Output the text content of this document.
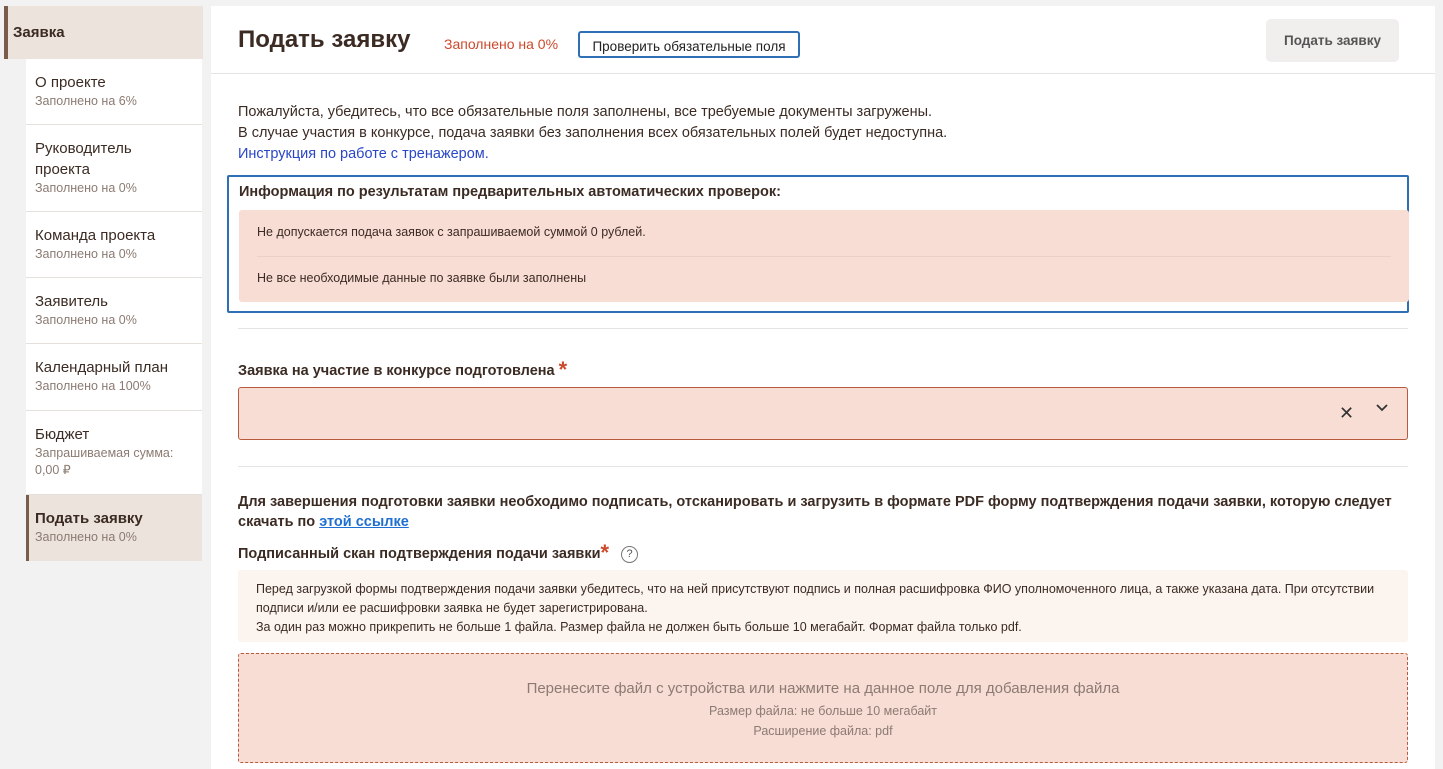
Заявка
О проекте
Заполнено на 6%
Руководитель проекта
Заполнено на 0%
Команда проекта
Заполнено на 0%
Заявитель
Заполнено на 0%
Календарный план
Заполнено на 100%
Бюджет
Запрашиваемая сумма: 0,00 ₽
Подать заявку
Заполнено на 0%
Подать заявку Заполнено на 0%	Проверить обязательные поля	Подать заявку
Пожалуйста, убедитесь, что все обязательные поля заполнены, все требуемые документы загружены.
В случае участия в конкурсе, подача заявки без заполнения всех обязательных полей будет недоступна.
Инструкция по работе с тренажером.
Информация по результатам предварительных автоматических проверок:
Не допускается подача заявок с запрашиваемой суммой 0 рублей.
Не все необходимые данные по заявке были заполнены
Заявка на участие в конкурсе подготовлена *
✕
Для завершения подготовки заявки необходимо подписать, отсканировать и загрузить в формате PDF форму подтверждения подачи заявки, которую следует скачать по этой ссылке
Подписанный скан подтверждения подачи заявки* ?
Перед загрузкой формы подтверждения подачи заявки убедитесь, что на ней присутствуют подпись и полная расшифровка ФИО уполномоченного лица, а также указана дата. При отсутствии подписи и/или ее расшифровки заявка не будет зарегистрирована.
За один раз можно прикрепить не больше 1 файла. Размер файла не должен быть больше 10 мегабайт. Формат файла только pdf.
Перенесите файл с устройства или нажмите на данное поле для добавления файла
Размер файла: не больше 10 мегабайт
Расширение файла: pdf
